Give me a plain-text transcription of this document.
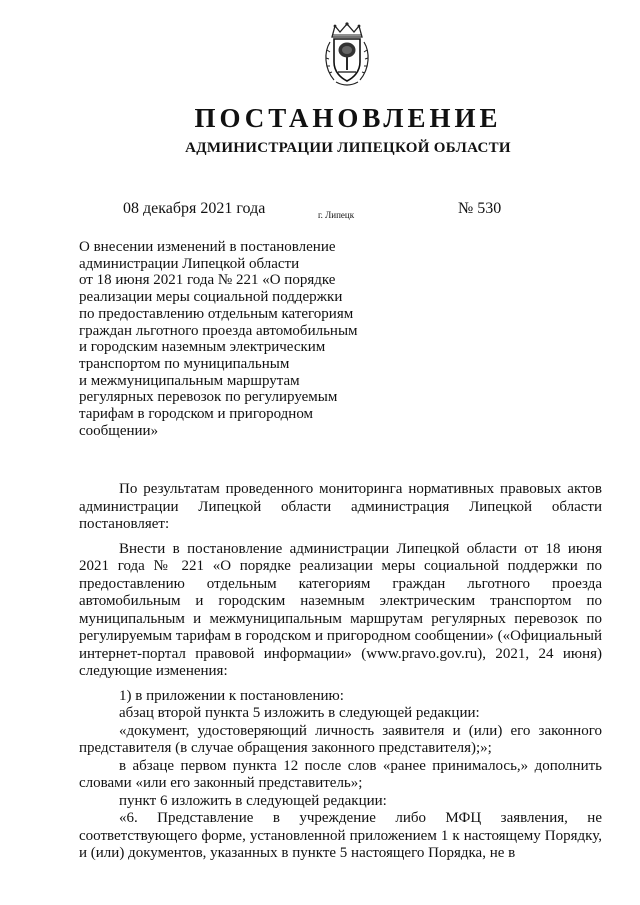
ПОСТАНОВЛЕНИЕ
АДМИНИСТРАЦИИ ЛИПЕЦКОЙ ОБЛАСТИ
08 декабря 2021 года	г. Липецк	№ 530
О внесении изменений в постановление
администрации Липецкой области
от 18 июня 2021 года № 221 «О порядке
реализации меры социальной поддержки
по предоставлению отдельным категориям
граждан льготного проезда автомобильным
и городским наземным электрическим
транспортом по муниципальным
и межмуниципальным маршрутам
регулярных перевозок по регулируемым
тарифам в городском и пригородном
сообщении»

По результатам проведенного мониторинга нормативных правовых актов администрации Липецкой области администрация Липецкой области постановляет:

Внести в постановление администрации Липецкой области от 18 июня 2021 года № 221 «О порядке реализации меры социальной поддержки по предоставлению отдельным категориям граждан льготного проезда автомобильным и городским наземным электрическим транспортом по муниципальным и межмуниципальным маршрутам регулярных перевозок по регулируемым тарифам в городском и пригородном сообщении» («Официальный интернет-портал правовой информации» (www.pravo.gov.ru), 2021, 24 июня) следующие изменения:

1) в приложении к постановлению:

абзац второй пункта 5 изложить в следующей редакции:

«документ, удостоверяющий личность заявителя и (или) его законного представителя (в случае обращения законного представителя);»;

в абзаце первом пункта 12 после слов «ранее принималось,» дополнить словами «или его законный представитель»;

пункт 6 изложить в следующей редакции:

«6. Представление в учреждение либо МФЦ заявления, не соответствующего форме, установленной приложением 1 к настоящему Порядку, и (или) документов, указанных в пункте 5 настоящего Порядка, не в
